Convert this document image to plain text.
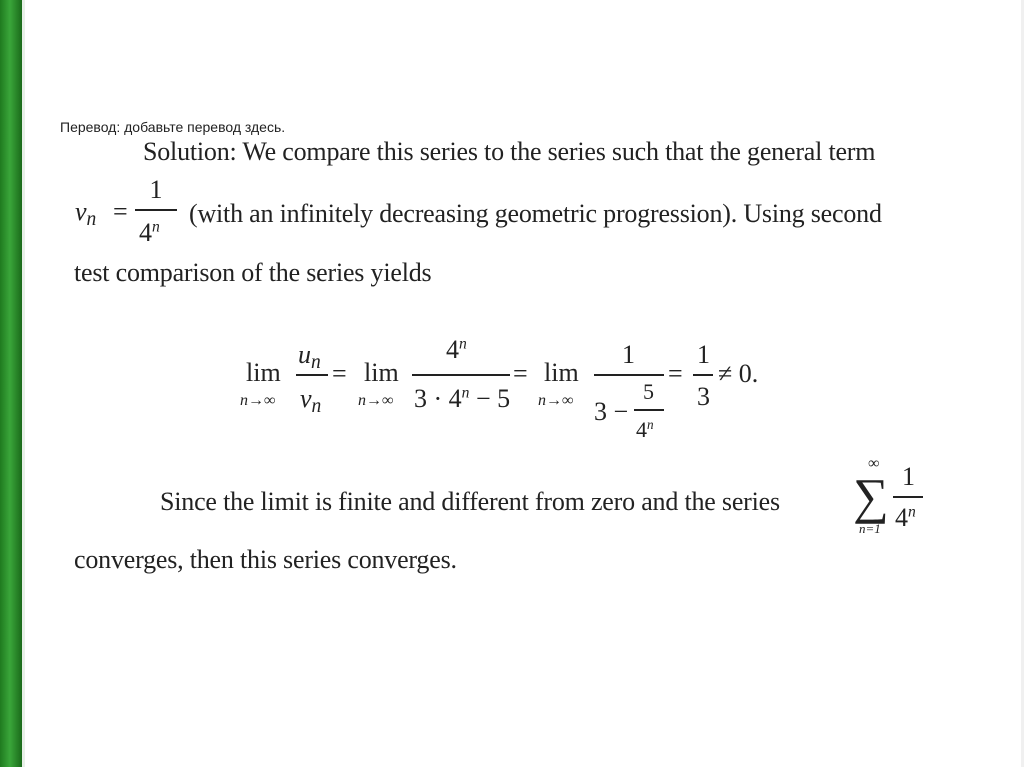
Перевод: добавьте перевод здесь.
Solution: We compare this series to the series such that the general term
$v_n$ =
1
4$^n$ (with an infinitely decreasing geometric progression). Using second
test comparison of the series yields
lim
n→∞
$u_n$
$v_n$
= lim
n→∞
4$^n$
$3 \cdot 4^n - 5$
= lim
n→∞
1
3 −
5
$4^n$
=
1
3
≠ 0.
Since the limit is finite and different from zero and the series
∞
∑
n=1
1
4$^n$
converges, then this series converges.
